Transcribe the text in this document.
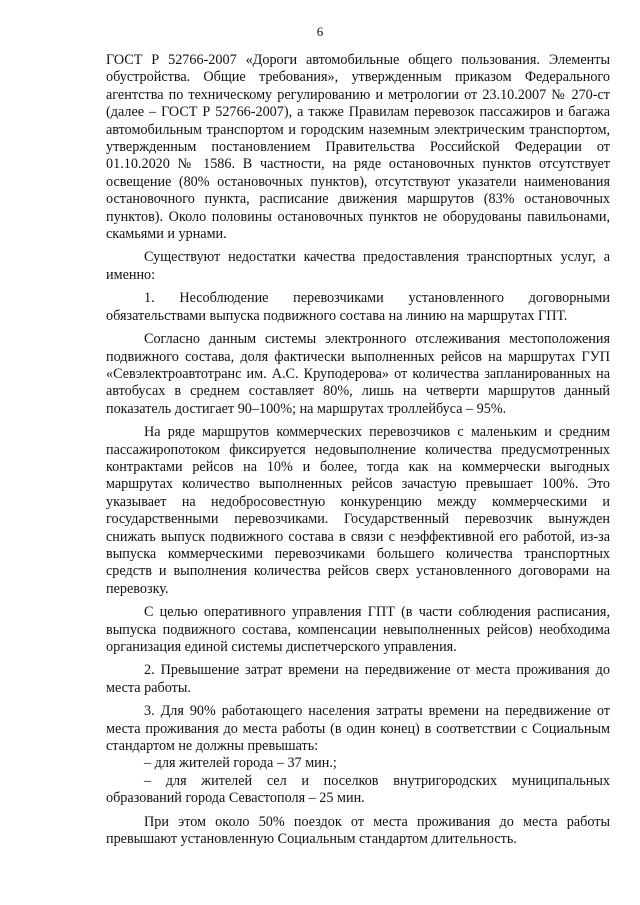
6

ГОСТ Р 52766-2007 «Дороги автомобильные общего пользования. Элементы обустройства. Общие требования», утвержденным приказом Федерального агентства по техническому регулированию и метрологии от 23.10.2007 № 270-ст (далее – ГОСТ Р 52766-2007), а также Правилам перевозок пассажиров и багажа автомобильным транспортом и городским наземным электрическим транспортом, утвержденным постановлением Правительства Российской Федерации от 01.10.2020 № 1586. В частности, на ряде остановочных пунктов отсутствует освещение (80% остановочных пунктов), отсутствуют указатели наименования остановочного пункта, расписание движения маршрутов (83% остановочных пунктов). Около половины остановочных пунктов не оборудованы павильонами, скамьями и урнами.

Существуют недостатки качества предоставления транспортных услуг, а именно:

1. Несоблюдение перевозчиками установленного договорными обязательствами выпуска подвижного состава на линию на маршрутах ГПТ.

Согласно данным системы электронного отслеживания местоположения подвижного состава, доля фактически выполненных рейсов на маршрутах ГУП «Севэлектроавтотранс им. А.С. Круподерова» от количества запланированных на автобусах в среднем составляет 80%, лишь на четверти маршрутов данный показатель достигает 90–100%; на маршрутах троллейбуса – 95%.

На ряде маршрутов коммерческих перевозчиков с маленьким и средним пассажиропотоком фиксируется недовыполнение количества предусмотренных контрактами рейсов на 10% и более, тогда как на коммерчески выгодных маршрутах количество выполненных рейсов зачастую превышает 100%. Это указывает на недобросовестную конкуренцию между коммерческими и государственными перевозчиками. Государственный перевозчик вынужден снижать выпуск подвижного состава в связи с неэффективной его работой, из-за выпуска коммерческими перевозчиками большего количества транспортных средств и выполнения количества рейсов сверх установленного договорами на перевозку.

С целью оперативного управления ГПТ (в части соблюдения расписания, выпуска подвижного состава, компенсации невыполненных рейсов) необходима организация единой системы диспетчерского управления.

2. Превышение затрат времени на передвижение от места проживания до места работы.

3. Для 90% работающего населения затраты времени на передвижение от места проживания до места работы (в один конец) в соответствии с Социальным стандартом не должны превышать:

– для жителей города – 37 мин.;

– для жителей сел и поселков внутригородских муниципальных образований города Севастополя – 25 мин.

При этом около 50% поездок от места проживания до места работы превышают установленную Социальным стандартом длительность.
